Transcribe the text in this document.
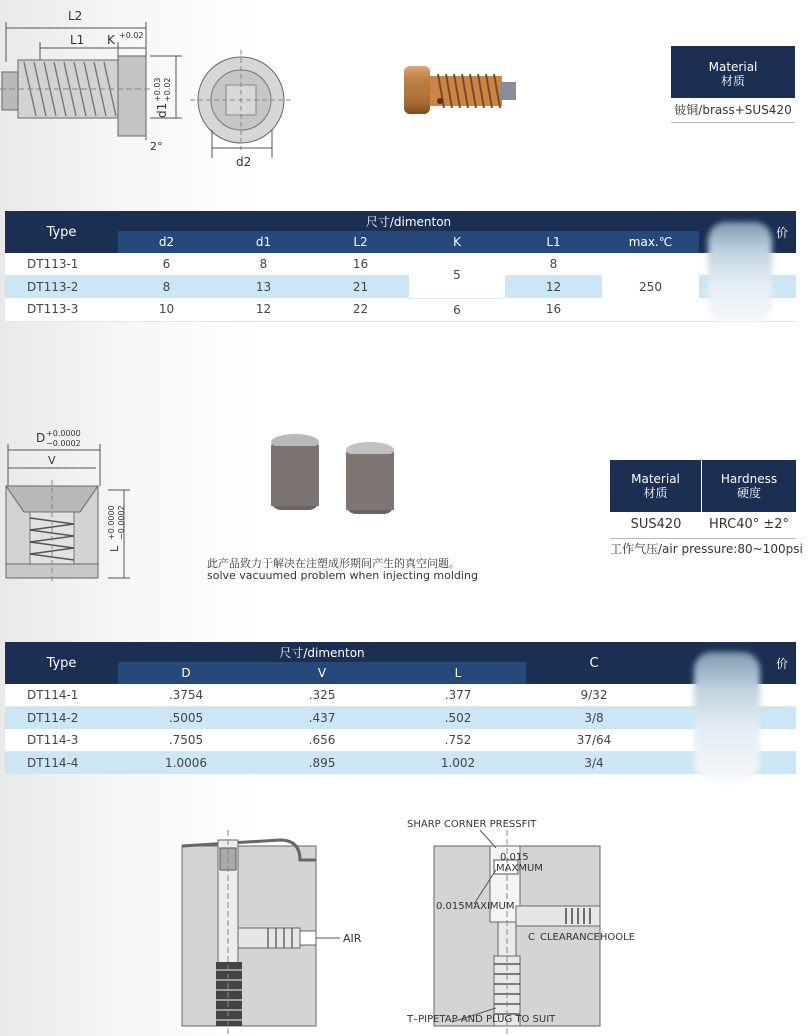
L2
L1 K +0.02
2°
d2
d1
+0.03 +0.02
Material
材质
铍铜/brass+SUS420
Type	尺寸/dimenton						价
	d2	d1	L2	K	L1	max.℃	
DT113-1	6	8	16	5	8	250	
DT113-2	8	13	21		12		
DT113-3	10	12	22	6	16		
D +0.0000
−0.0002
V
L
+0.0000 −0.0002
此产品致力于解决在注塑成形期间产生的真空问题。
solve vacuumed problem when injecting molding
Material
材质
Hardness
硬度
SUS420	HRC40° ±2°
工作气压/air pressure:80~100psi
Type	尺寸/dimenton			C	价
	D	V	L		
DT114-1	.3754	.325	.377	9/32	
DT114-2	.5005	.437	.502	3/8	
DT114-3	.7505	.656	.752	37/64	
DT114-4	1.0006	.895	1.002	3/4	
AIR
SHARP CORNER PRESSFIT
0.015
MAXMUM
0.015MAXIMUM
C CLEARANCEHOOLE
T–PIPETAP AND PLUG TO SUIT
